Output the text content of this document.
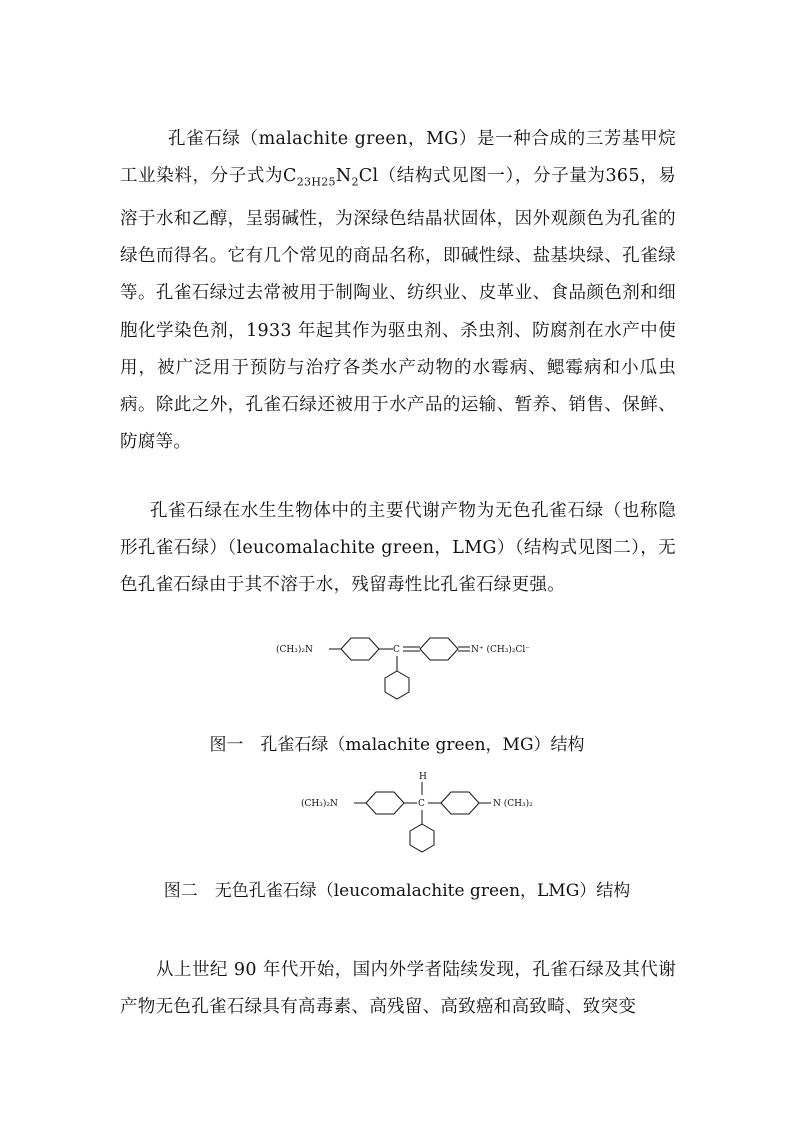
孔雀石绿（malachite green，MG）是一种合成的三芳基甲烷工业染料，分子式为$C_{23H25}N_2Cl$（结构式见图一），分子量为365，易溶于水和乙醇，呈弱碱性，为深绿色结晶状固体，因外观颜色为孔雀的绿色而得名。它有几个常见的商品名称，即碱性绿、盐基块绿、孔雀绿等。孔雀石绿过去常被用于制陶业、纺织业、皮革业、食品颜色剂和细胞化学染色剂，1933 年起其作为驱虫剂、杀虫剂、防腐剂在水产中使用，被广泛用于预防与治疗各类水产动物的水霉病、鳃霉病和小瓜虫病。除此之外，孔雀石绿还被用于水产品的运输、暂养、销售、保鲜、防腐等。

孔雀石绿在水生生物体中的主要代谢产物为无色孔雀石绿（也称隐形孔雀石绿）（leucomalachite green，LMG）（结构式见图二），无色孔雀石绿由于其不溶于水，残留毒性比孔雀石绿更强。

(CH₃)₂N	C	N⁺ (CH₃)₂Cl⁻
图一　孔雀石绿（malachite green，MG）结构
H
(CH₃)₂N	C	N (CH₃)₂
图二　无色孔雀石绿（leucomalachite green，LMG）结构

从上世纪 90 年代开始，国内外学者陆续发现，孔雀石绿及其代谢产物无色孔雀石绿具有高毒素、高残留、高致癌和高致畸、致突变
